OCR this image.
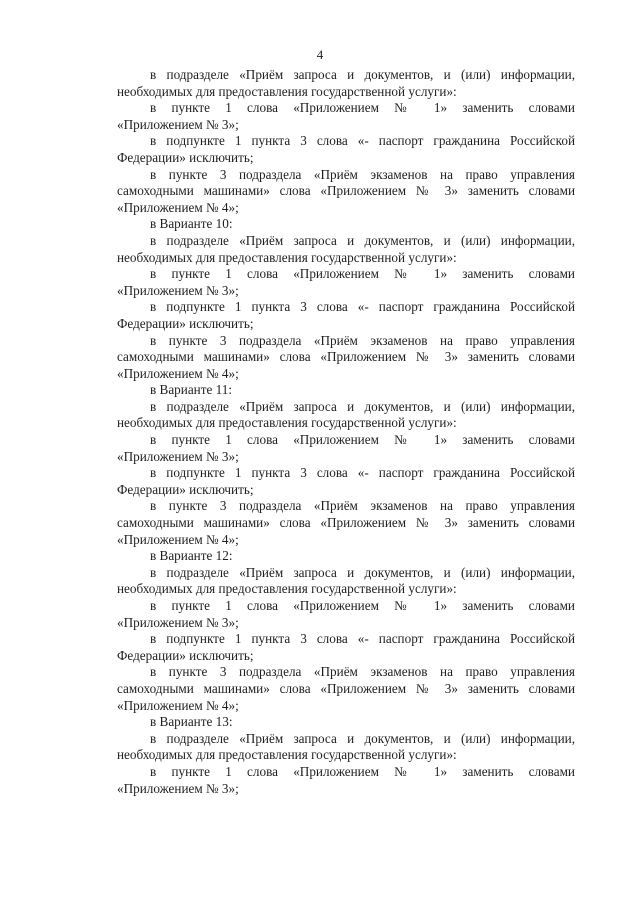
4
в подразделе «Приём запроса и документов, и (или) информации,
необходимых для предоставления государственной услуги»:
в пункте 1 слова «Приложением № 1» заменить словами
«Приложением № 3»;
в подпункте 1 пункта 3 слова «- паспорт гражданина Российской
Федерации» исключить;
в пункте 3 подраздела «Приём экзаменов на право управления
самоходными машинами» слова «Приложением № 3» заменить словами
«Приложением № 4»;
в Варианте 10:
в подразделе «Приём запроса и документов, и (или) информации,
необходимых для предоставления государственной услуги»:
в пункте 1 слова «Приложением № 1» заменить словами
«Приложением № 3»;
в подпункте 1 пункта 3 слова «- паспорт гражданина Российской
Федерации» исключить;
в пункте 3 подраздела «Приём экзаменов на право управления
самоходными машинами» слова «Приложением № 3» заменить словами
«Приложением № 4»;
в Варианте 11:
в подразделе «Приём запроса и документов, и (или) информации,
необходимых для предоставления государственной услуги»:
в пункте 1 слова «Приложением № 1» заменить словами
«Приложением № 3»;
в подпункте 1 пункта 3 слова «- паспорт гражданина Российской
Федерации» исключить;
в пункте 3 подраздела «Приём экзаменов на право управления
самоходными машинами» слова «Приложением № 3» заменить словами
«Приложением № 4»;
в Варианте 12:
в подразделе «Приём запроса и документов, и (или) информации,
необходимых для предоставления государственной услуги»:
в пункте 1 слова «Приложением № 1» заменить словами
«Приложением № 3»;
в подпункте 1 пункта 3 слова «- паспорт гражданина Российской
Федерации» исключить;
в пункте 3 подраздела «Приём экзаменов на право управления
самоходными машинами» слова «Приложением № 3» заменить словами
«Приложением № 4»;
в Варианте 13:
в подразделе «Приём запроса и документов, и (или) информации,
необходимых для предоставления государственной услуги»:
в пункте 1 слова «Приложением № 1» заменить словами
«Приложением № 3»;
